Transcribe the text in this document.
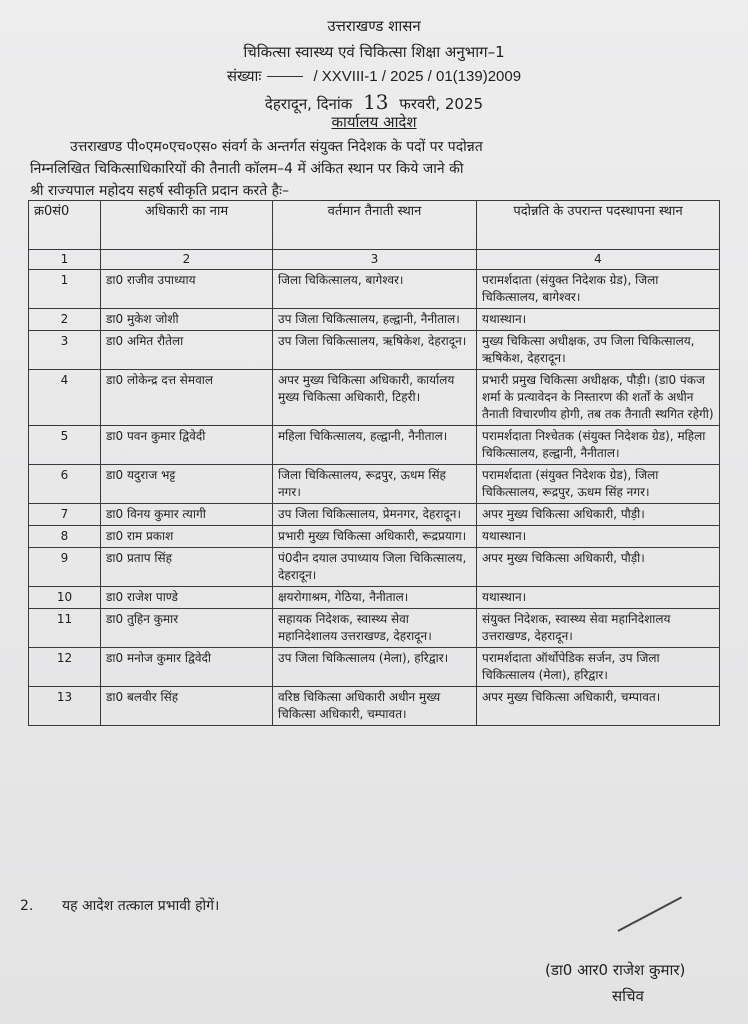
उत्तराखण्ड शासन
चिकित्सा स्वास्थ्य एवं चिकित्सा शिक्षा अनुभाग–1
संख्याः	/ XXVIII-1 / 2025 / 01(139)2009
देहरादून, दिनांक 13 फरवरी, 2025
कार्यालय आदेश
उत्तराखण्ड पी०एम०एच०एस० संवर्ग के अन्तर्गत संयुक्त निदेशक के पदों पर पदोन्नत
निम्नलिखित चिकित्साधिकारियों की तैनाती कॉलम–4 में अंकित स्थान पर किये जाने की
श्री राज्यपाल महोदय सहर्ष स्वीकृति प्रदान करते हैः–
क्र0सं0	अधिकारी का नाम	वर्तमान तैनाती स्थान	पदोन्नति के उपरान्त पदस्थापना स्थान
1	2	3	4
1	डा0 राजीव उपाध्याय	जिला चिकित्सालय, बागेश्वर।	परामर्शदाता (संयुक्त निदेशक ग्रेड), जिला चिकित्सालय, बागेश्वर।
2	डा0 मुकेश जोशी	उप जिला चिकित्सालय, हल्द्वानी, नैनीताल।	यथास्थान।
3	डा0 अमित रौतेला	उप जिला चिकित्सालय, ऋषिकेश, देहरादून।	मुख्य चिकित्सा अधीक्षक, उप जिला चिकित्सालय, ऋषिकेश, देहरादून।
4	डा0 लोकेन्द्र दत्त सेमवाल	अपर मुख्य चिकित्सा अधिकारी, कार्यालय मुख्य चिकित्सा अधिकारी, टिहरी।	प्रभारी प्रमुख चिकित्सा अधीक्षक, पौड़ी। (डा0 पंकज शर्मा के प्रत्यावेदन के निस्तारण की शर्तों के अधीन तैनाती विचारणीय होगी, तब तक तैनाती स्थगित रहेगी)
5	डा0 पवन कुमार द्विवेदी	महिला चिकित्सालय, हल्द्वानी, नैनीताल।	परामर्शदाता निश्चेतक (संयुक्त निदेशक ग्रेड), महिला चिकित्सालय, हल्द्वानी, नैनीताल।
6	डा0 यदुराज भट्ट	जिला चिकित्सालय, रूद्रपुर, ऊधम सिंह नगर।	परामर्शदाता (संयुक्त निदेशक ग्रेड), जिला चिकित्सालय, रूद्रपुर, ऊधम सिंह नगर।
7	डा0 विनय कुमार त्यागी	उप जिला चिकित्सालय, प्रेमनगर, देहरादून।	अपर मुख्य चिकित्सा अधिकारी, पौड़ी।
8	डा0 राम प्रकाश	प्रभारी मुख्य चिकित्सा अधिकारी, रूद्रप्रयाग।	यथास्थान।
9	डा0 प्रताप सिंह	पं0दीन दयाल उपाध्याय जिला चिकित्सालय, देहरादून।	अपर मुख्य चिकित्सा अधिकारी, पौड़ी।
10	डा0 राजेश पाण्डे	क्षयरोगाश्रम, गेठिया, नैनीताल।	यथास्थान।
11	डा0 तुहिन कुमार	सहायक निदेशक, स्वास्थ्य सेवा महानिदेशालय उत्तराखण्ड, देहरादून।	संयुक्त निदेशक, स्वास्थ्य सेवा महानिदेशालय उत्तराखण्ड, देहरादून।
12	डा0 मनोज कुमार द्विवेदी	उप जिला चिकित्सालय (मेला), हरिद्वार।	परामर्शदाता ऑर्थोपेडिक सर्जन, उप जिला चिकित्सालय (मेला), हरिद्वार।
13	डा0 बलवीर सिंह	वरिष्ठ चिकित्सा अधिकारी अधीन मुख्य चिकित्सा अधिकारी, चम्पावत।	अपर मुख्य चिकित्सा अधिकारी, चम्पावत।
2. यह आदेश तत्काल प्रभावी होगें।
(डा0 आर0 राजेश कुमार)
सचिव
